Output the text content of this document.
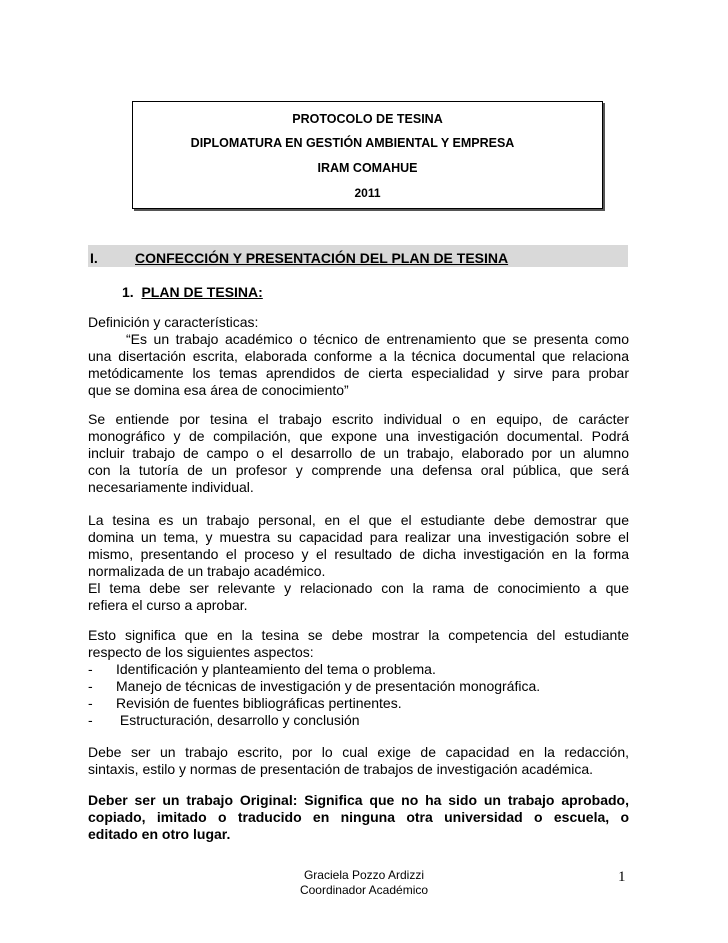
PROTOCOLO DE TESINA
DIPLOMATURA EN GESTIÓN AMBIENTAL Y EMPRESA
IRAM COMAHUE
2011
I.	CONFECCIÓN Y PRESENTACIÓN DEL PLAN DE TESINA
1. PLAN DE TESINA:
Definición y características:
“Es un trabajo académico o técnico de entrenamiento que se presenta como
una disertación escrita, elaborada conforme a la técnica documental que relaciona
metódicamente los temas aprendidos de cierta especialidad y sirve para probar
que se domina esa área de conocimiento”
Se entiende por tesina el trabajo escrito individual o en equipo, de carácter
monográfico y de compilación, que expone una investigación documental. Podrá
incluir trabajo de campo o el desarrollo de un trabajo, elaborado por un alumno
con la tutoría de un profesor y comprende una defensa oral pública, que será
necesariamente individual.
La tesina es un trabajo personal, en el que el estudiante debe demostrar que
domina un tema, y muestra su capacidad para realizar una investigación sobre el
mismo, presentando el proceso y el resultado de dicha investigación en la forma
normalizada de un trabajo académico.
El tema debe ser relevante y relacionado con la rama de conocimiento a que
refiera el curso a aprobar.
Esto significa que en la tesina se debe mostrar la competencia del estudiante
respecto de los siguientes aspectos:
- Identificación y planteamiento del tema o problema.
- Manejo de técnicas de investigación y de presentación monográfica.
- Revisión de fuentes bibliográficas pertinentes.
- Estructuración, desarrollo y conclusión
Debe ser un trabajo escrito, por lo cual exige de capacidad en la redacción,
sintaxis, estilo y normas de presentación de trabajos de investigación académica.
Deber ser un trabajo Original: Significa que no ha sido un trabajo aprobado,
copiado, imitado o traducido en ninguna otra universidad o escuela, o
editado en otro lugar.
Graciela Pozzo Ardizzi
Coordinador Académico
1
